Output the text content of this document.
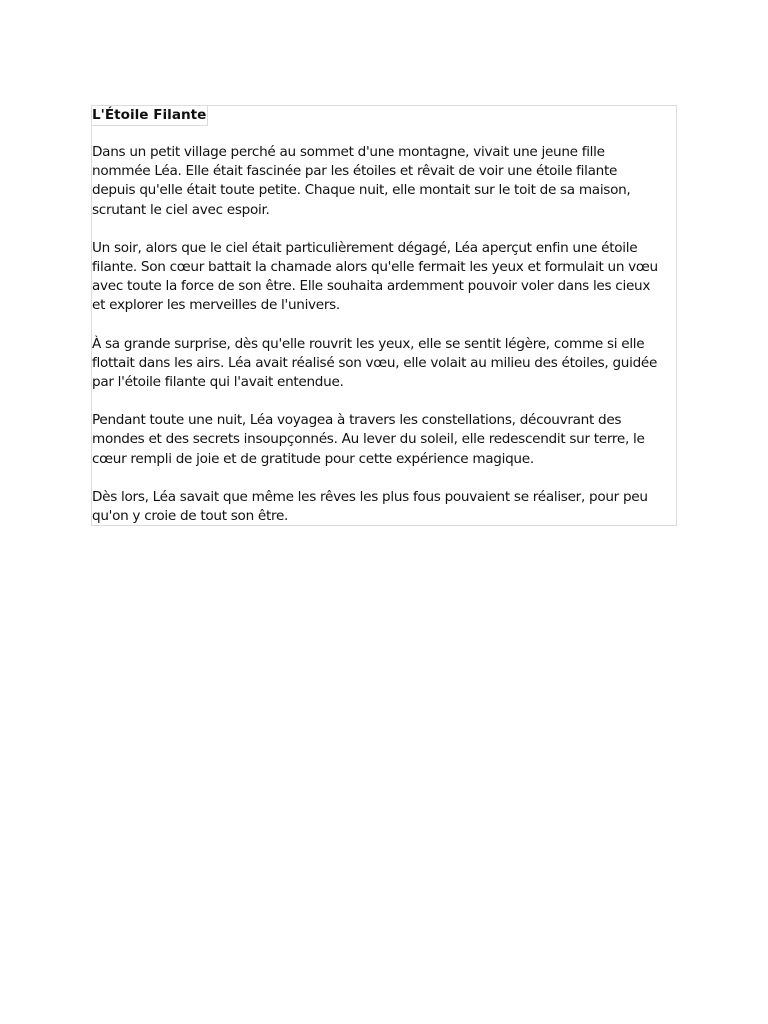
L'Étoile Filante

Dans un petit village perché au sommet d'une montagne, vivait une jeune fille
nommée Léa. Elle était fascinée par les étoiles et rêvait de voir une étoile filante
depuis qu'elle était toute petite. Chaque nuit, elle montait sur le toit de sa maison,
scrutant le ciel avec espoir.

Un soir, alors que le ciel était particulièrement dégagé, Léa aperçut enfin une étoile
filante. Son cœur battait la chamade alors qu'elle fermait les yeux et formulait un vœu
avec toute la force de son être. Elle souhaita ardemment pouvoir voler dans les cieux
et explorer les merveilles de l'univers.

À sa grande surprise, dès qu'elle rouvrit les yeux, elle se sentit légère, comme si elle
flottait dans les airs. Léa avait réalisé son vœu, elle volait au milieu des étoiles, guidée
par l'étoile filante qui l'avait entendue.

Pendant toute une nuit, Léa voyagea à travers les constellations, découvrant des
mondes et des secrets insoupçonnés. Au lever du soleil, elle redescendit sur terre, le
cœur rempli de joie et de gratitude pour cette expérience magique.

Dès lors, Léa savait que même les rêves les plus fous pouvaient se réaliser, pour peu
qu'on y croie de tout son être.
